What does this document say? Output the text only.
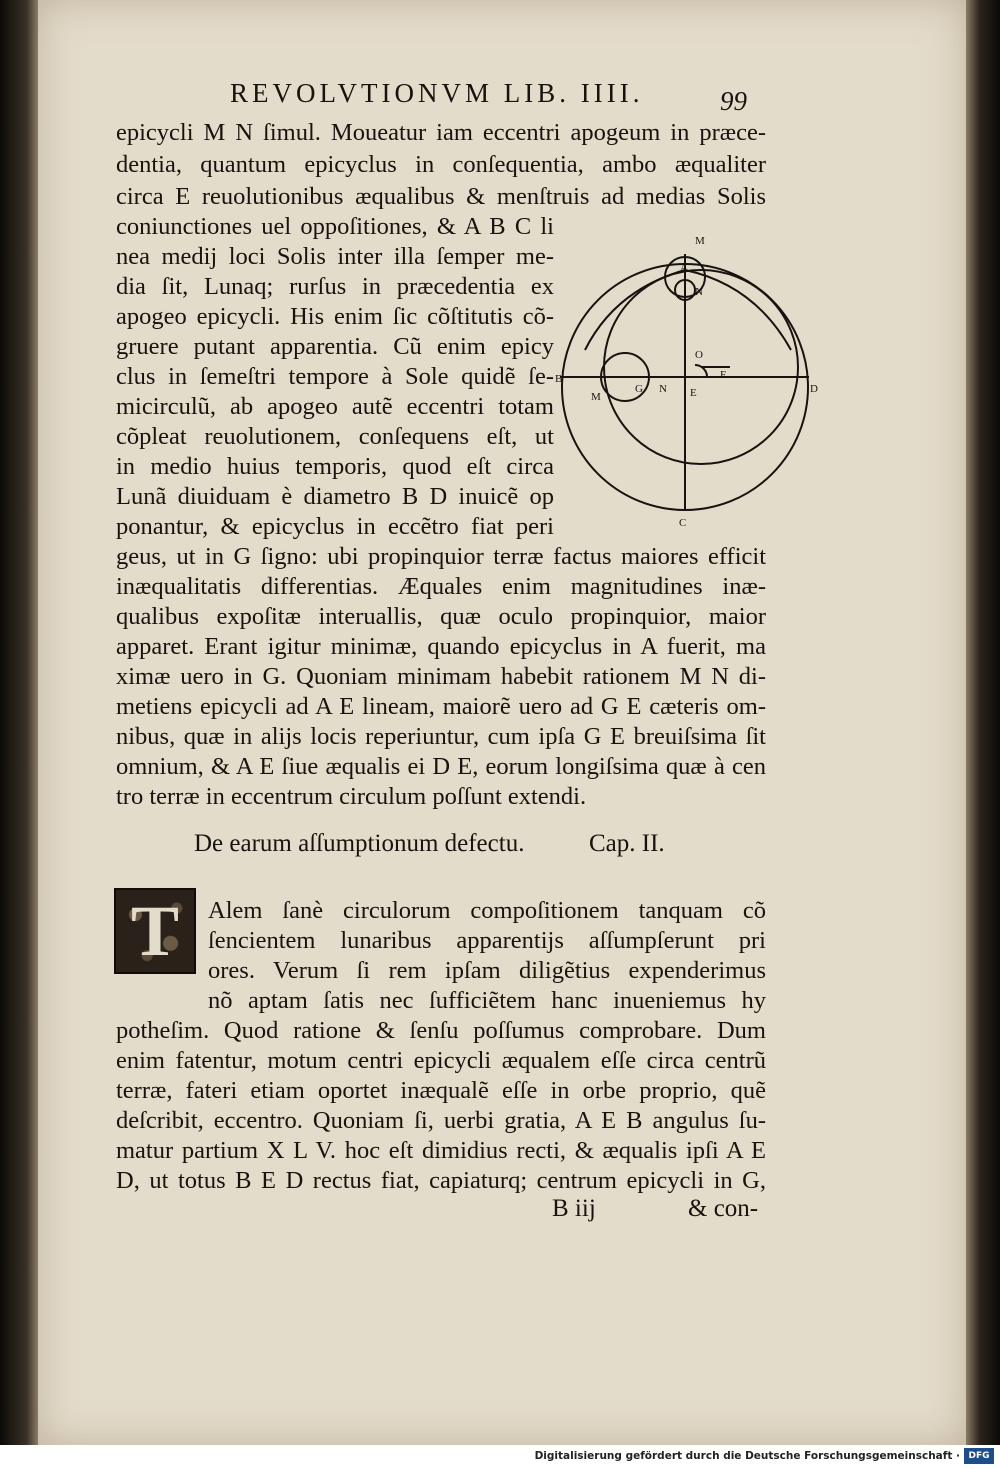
REVOLVTIONVM LIB. IIII.	99
epicycli M N ſimul. Moueatur iam eccentri apogeum in præce-
dentia, quantum epicyclus in conſequentia, ambo æqualiter
circa E reuolutionibus æqualibus & menſtruis ad medias Solis
coniunctiones uel oppoſitiones, & A B C li
nea medij loci Solis inter illa ſemper me-
dia ſit, Lunaq; rurſus in præcedentia ex
apogeo epicycli. His enim ſic cõſtitutis cõ-
gruere putant apparentia. Cũ enim epicy
clus in ſemeſtri tempore à Sole quidẽ ſe-
micirculũ, ab apogeo autẽ eccentri totam
cõpleat reuolutionem, conſequens eſt, ut
in medio huius temporis, quod eſt circa
Lunã diuiduam è diametro B D inuicẽ op
ponantur, & epicyclus in eccẽtro fiat peri
geus, ut in G ſigno: ubi propinquior terræ factus maiores efficit
inæqualitatis differentias. Æquales enim magnitudines inæ-
qualibus expoſitæ interuallis, quæ oculo propinquior, maior
apparet. Erant igitur minimæ, quando epicyclus in A fuerit, ma
ximæ uero in G. Quoniam minimam habebit rationem M N di-
metiens epicycli ad A E lineam, maiorẽ uero ad G E cæteris om-
nibus, quæ in alijs locis reperiuntur, cum ipſa G E breuiſsima ſit
omnium, & A E ſiue æqualis ei D E, eorum longiſsima quæ à cen
tro terræ in eccentrum circulum poſſunt extendi.
M
A
N
O
F
B
M
G N E	D
C
De earum aſſumptionum defectu.	Cap. II.
T	Alem ſanè circulorum compoſitionem tanquam cõ
ſencientem lunaribus apparentijs aſſumpſerunt pri
ores. Verum ſi rem ipſam diligẽtius expenderimus
nõ aptam ſatis nec ſufficiẽtem hanc inueniemus hy
potheſim. Quod ratione & ſenſu poſſumus comprobare. Dum
enim fatentur, motum centri epicycli æqualem eſſe circa centrũ
terræ, fateri etiam oportet inæqualẽ eſſe in orbe proprio, quẽ
deſcribit, eccentro. Quoniam ſi, uerbi gratia, A E B angulus ſu-
matur partium X L V. hoc eſt dimidius recti, & æqualis ipſi A E
D, ut totus B E D rectus fiat, capiaturq; centrum epicycli in G,
B iij	& con-
Digitalisierung gefördert durch die Deutsche Forschungsgemeinschaft · DFG
